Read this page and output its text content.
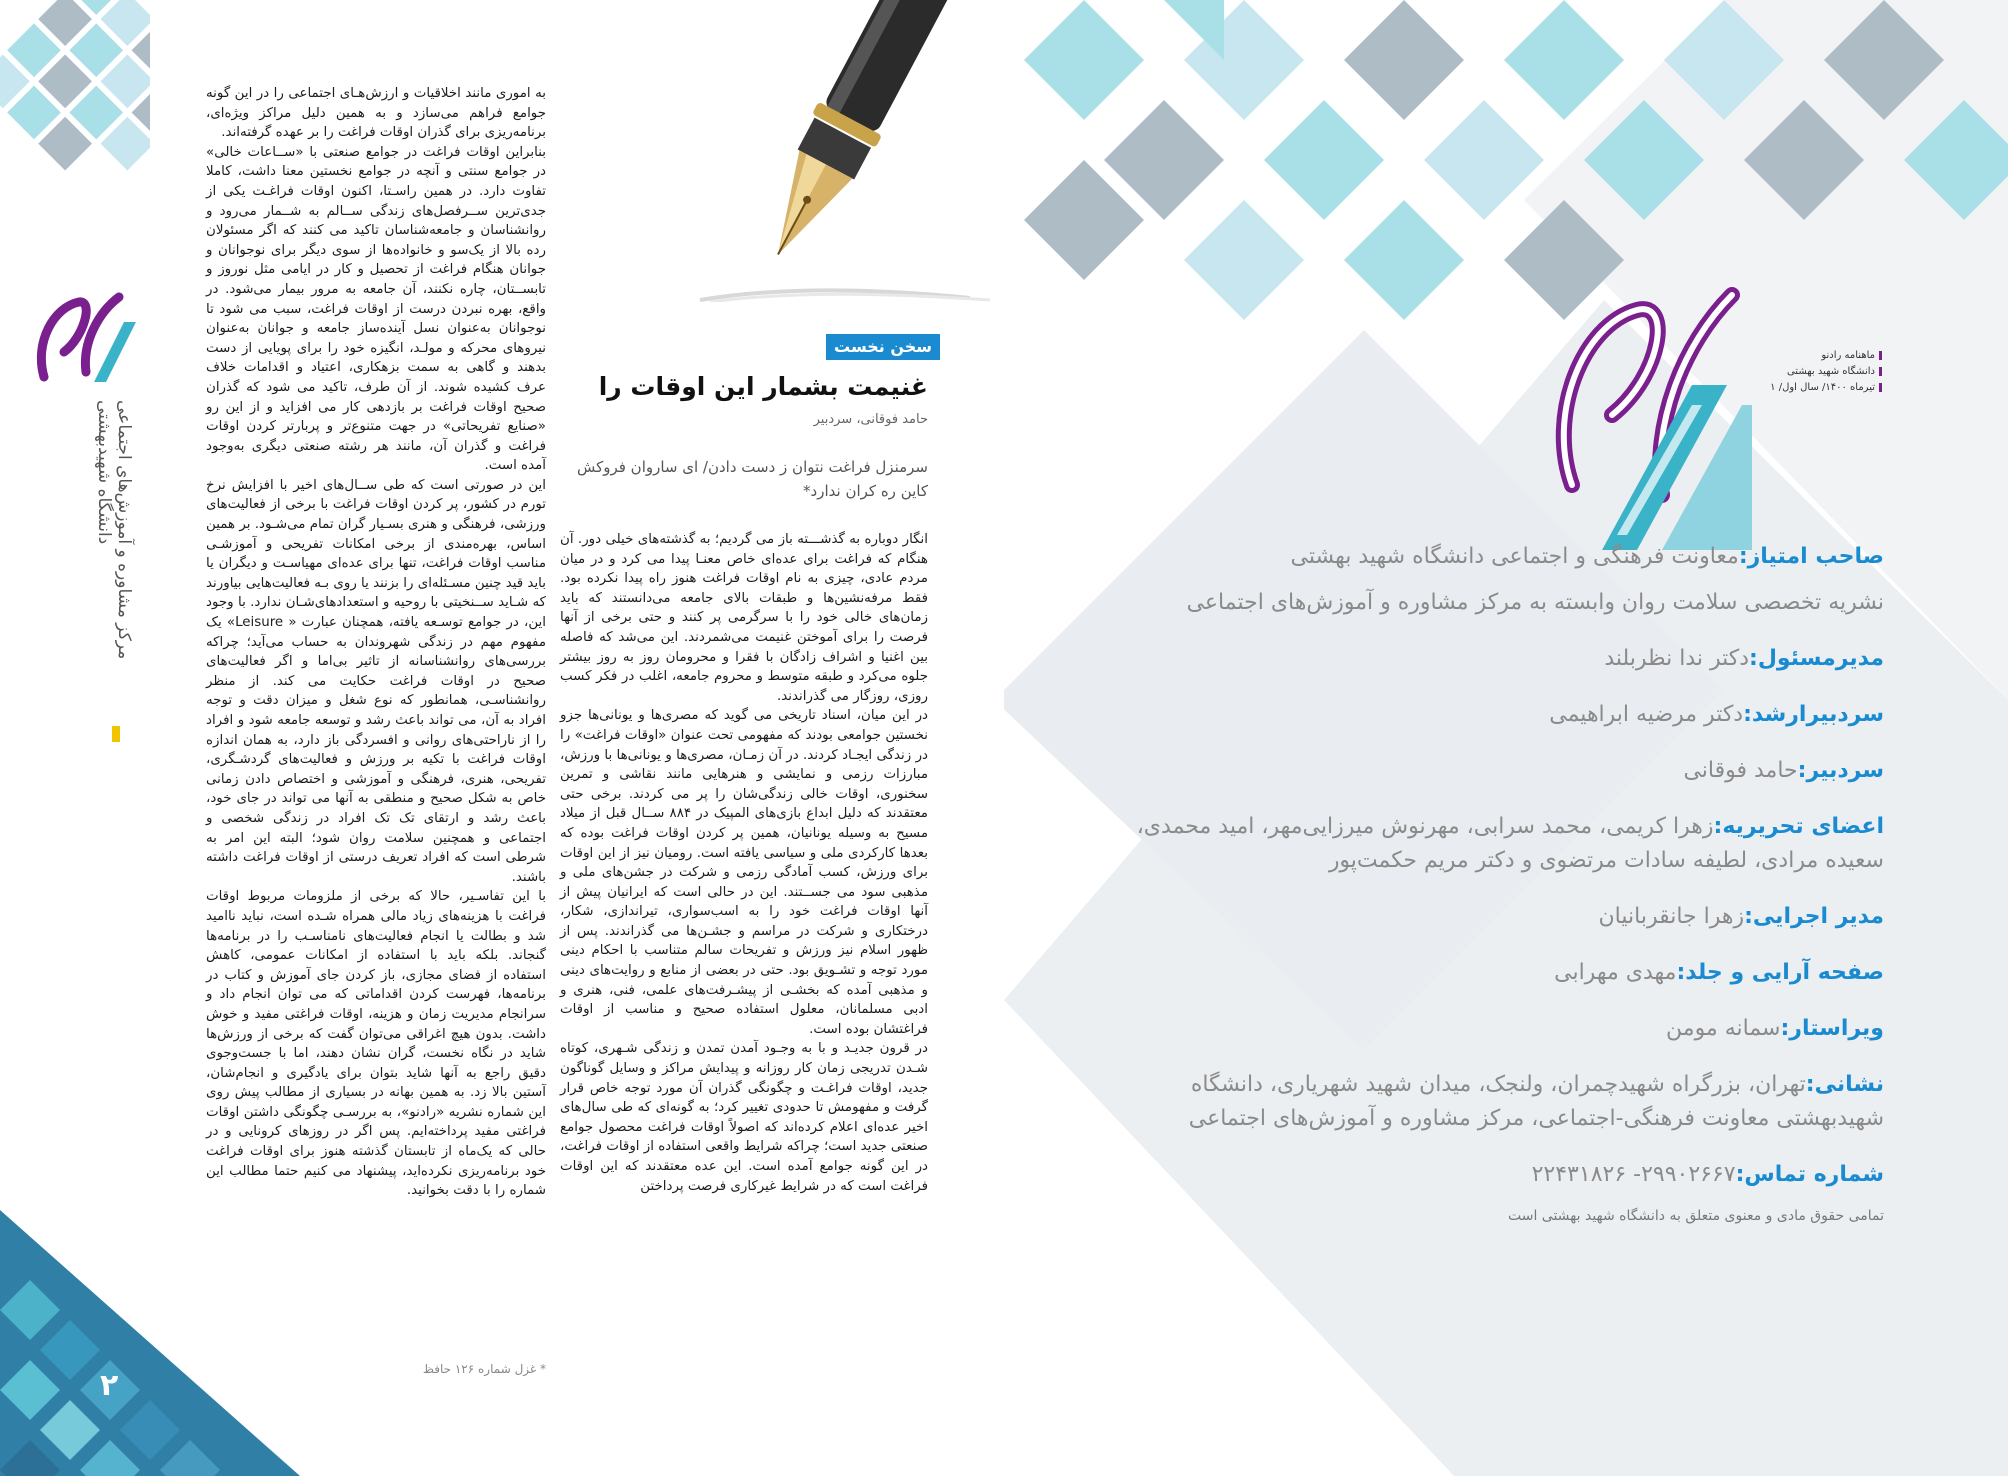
مرکز مشاوره و آموزش‌های اجتماعی دانشگاه شهیدبهشتی
۲
سخن نخست
غنیمت بشمار این اوقات را
حامد فوقانی، سردبیر
سرمنزل فراغت نتوان ز دست دادن/ ای ساروان فروکش کاین ره کران ندارد*

انگار دوباره به گذشـــته باز می گردیم؛ به گذشته‌های خیلی دور. آن هنگام که فراغت برای عده‌ای خاص معنـا پیدا می کرد و در میان مردم عادی، چیزی به نام اوقات فراغت هنوز راه پیدا نکرده بود. فقط مرفه‌نشین‌ها و طبقات بالای جامعه می‌دانستند که باید زمان‌های خالی خود را با سرگرمی پر کنند و حتی برخی از آنها فرصت را برای آموختن غنیمت می‌شمردند. این می‌شد که فاصله بین اغنیا و اشراف زادگان با فقرا و محرومان روز به روز بیشتر جلوه می‌کرد و طبقه متوسط و محروم جامعه، اغلب در فکر کسب روزی، روزگار می گذراندند.

در این میان، اسناد تاریخی می گوید که مصری‌ها و یونانی‌ها جزو نخستین جوامعی بودند که مفهومی تحت عنوان «اوقات فراغت» را در زندگی ایجـاد کردند. در آن زمـان، مصری‌ها و یونانی‌ها با ورزش، مبارزات رزمی و نمایشی و هنرهایی مانند نقاشی و تمرین سخنوری، اوقات خالی زندگی‌شان را پر می کردند. برخی حتی معتقدند که دلیل ابداع بازی‌های المپیک در ۸۸۴ ســال قبل از میلاد مسیح به وسیله یونانیان، همین پر کردن اوقات فراغت بوده که بعدها کارکردی ملی و سیاسی یافته است. رومیان نیز از این اوقات برای ورزش، کسب آمادگی رزمی و شرکت در جشن‌های ملی و مذهبی سود می جســتند. این در حالی است که ایرانیان پیش از آنها اوقات فراغت خود را به اسب‌سواری، تیراندازی، شکار، درختکاری و شرکت در مراسم و جشـن‌ها می گذراندند. پس از ظهور اسلام نیز ورزش و تفریحات سالم متناسب با احکام دینی مورد توجه و تشـویق بود. حتی در بعضی از منابع و روایت‌های دینی و مذهبی آمده که بخشـی از پیشـرفت‌های علمی، فنی، هنری و ادبی مسلمانان، معلول استفاده صحیح و مناسب از اوقات فراغتشان بوده است.

در قرون جدیـد و با به وجـود آمدن تمدن و زندگی شـهری، کوتاه شـدن تدریجی زمان کار روزانه و پیدایش مراکز و وسایل گوناگون جدید، اوقات فراغـت و چگونگی گذران آن مورد توجه خاص قرار گرفت و مفهومش تا حدودی تغییر کرد؛ به گونه‌ای که طی سال‌های اخیر عده‌ای اعلام کرده‌اند که اصولاً اوقات فراغت محصول جوامع صنعتی جدید است؛ چراکه شرایط واقعی استفاده از اوقات فراغت، در این گونه جوامع آمده است. این عده معتقدند که این اوقات فراغت است که در شرایط غیرکاری فرصت پرداختن

به اموری مانند اخلاقیات و ارزش‌هـای اجتماعی را در این گونه جوامع فراهم می‌سازد و به همین دلیل مراکز ویژه‌ای، برنامه‌ریزی برای گذران اوقات فراغت را بر عهده گرفته‌اند.

بنابراین اوقات فراغت در جوامع صنعتی با «ســاعات خالی» در جوامع سنتی و آنچه در جوامع نخستین معنا داشت، کاملا تفاوت دارد. در همین راسـتا، اکنون اوقات فراغـت یکی از جدی‌ترین ســرفصل‌های زندگی ســالم به شــمار می‌رود و روانشناسان و جامعه‌شناسان تاکید می کنند که اگر مسئولان رده بالا از یک‌سو و خانواده‌ها از سوی دیگر برای نوجوانان و جوانان هنگام فراغت از تحصیل و کار در ایامی مثل نوروز و تابســتان، چاره نکنند، آن جامعه به مرور بیمار می‌شود. در واقع، بهره نبردن درست از اوقات فراغت، سبب می شود تا نوجوانان به‌عنوان نسل آینده‌ساز جامعه و جوانان به‌عنوان نیروهای محرکه و مولـد، انگیزه خود را برای پویایی از دست بدهند و گاهی به سمت بزهکاری، اعتیاد و اقدامات خلاف عرف کشیده شوند. از آن طرف، تاکید می شود که گذران صحیح اوقات فراغت بر بازدهی کار می افزاید و از این رو «صنایع تفریحاتی» در جهت متنوع‌تر و پربارتر کردن اوقات فراغت و گذران آن، مانند هر رشته صنعتی دیگری به‌وجود آمده است.

این در صورتی است که طی ســال‌های اخیر با افزایش نرخ تورم در کشور، پر کردن اوقات فراغت با برخی از فعالیت‌های ورزشی، فرهنگی و هنری بسـیار گران تمام می‌شـود. بر همین اساس، بهره‌مندی از برخی امکانات تفریحی و آموزشـی مناسب اوقات فراغت، تنها برای عده‌ای مهیاسـت و دیگران یا باید قید چنین مسـئله‌ای را بزنند یا روی بـه فعالیت‌هایی بیاورند که شـاید ســنخیتی با روحیه و استعدادهای‌شـان ندارد. با وجود این، در جوامع توسـعه یافته، همچنان عبارت « Leisure» یک مفهوم مهم در زندگی شهروندان به حساب می‌آید؛ چراکه بررسی‌های روانشناسانه از تاثیر بی‌اما و اگر فعالیت‌های صحیح در اوقات فراغت حکایت می کند. از منظر روانشناسـی، همانطور که نوع شغل و میزان دقت و توجه افراد به آن، می تواند باعث رشد و توسعه جامعه شود و افراد را از ناراحتی‌های روانی و افسردگی باز دارد، به همان اندازه اوقات فراغت با تکیه بر ورزش و فعالیت‌های گردشـگری، تفریحی، هنری، فرهنگی و آموزشی و اختصاص دادن زمانی خاص به شکل صحیح و منطقی به آنها می تواند در جای خود، باعث رشد و ارتقای تک تک افراد در زندگی شخصی و اجتماعی و همچنین سلامت روان شود؛ البته این امر به شرطی است که افراد تعریف درستی از اوقات فراغت داشته باشند.

با این تفاسـیر، حالا که برخی از ملزومات مربوط اوقات فراغت با هزینه‌های زیاد مالی همراه شـده است، نباید ناامید شد و بطالت یا انجام فعالیت‌های نامناسـب را در برنامه‌ها گنجاند. بلکه باید با استفاده از امکانات عمومی، کاهش استفاده از فضای مجازی، باز کردن جای آموزش و کتاب در برنامه‌ها، فهرست کردن اقداماتی که می توان انجام داد و سرانجام مدیریت زمان و هزینه، اوقات فراغتی مفید و خوش داشت. بدون هیچ اغراقی می‌توان گفت که برخی از ورزش‌ها شاید در نگاه نخست، گران نشان دهند، اما با جست‌وجوی دقیق راجع به آنها شاید بتوان برای یادگیری و انجام‌شان، آستین بالا زد. به همین بهانه در بسیاری از مطالب پیش روی این شماره نشریه «رادنو»، به بررسـی چگونگی داشتن اوقات فراغتی مفید پرداخته‌ایم. پس اگر در روزهای کرونایی و در حالی که یک‌ماه از تابستان گذشته هنوز برای اوقات فراغت خود برنامه‌ریزی نکرده‌اید، پیشنهاد می کنیم حتما مطالب این شماره را با دقت بخوانید.

* غزل شماره ۱۲۶ حافظ
ماهنامه رادنو
دانشگاه شهید بهشتی
تیرماه ۱۴۰۰/ سال اول/ ۱
صاحب امتیاز:معاونت فرهنگی و اجتماعی دانشگاه شهید بهشتی
نشریه تخصصی سلامت روان وابسته به مرکز مشاوره و آموزش‌های اجتماعی
مدیرمسئول:دکتر ندا نظربلند
سردبیرارشد:دکتر مرضیه ابراهیمی
سردبیر:حامد فوقانی
اعضای تحریریه:زهرا کریمی، محمد سرابی، مهرنوش میرزایی‌مهر، امید محمدی، سعیده مرادی، لطیفه سادات مرتضوی و دکتر مریم حکمت‌پور
مدیر اجرایی:زهرا جانقربانیان
صفحه آرایی و جلد:مهدی مهرابی
ویراستار:سمانه مومن
نشانی:تهران، بزرگراه شهیدچمران، ولنجک، میدان شهید شهریاری، دانشگاه شهیدبهشتی معاونت فرهنگی-اجتماعی، مرکز مشاوره و آموزش‌های اجتماعی
شماره تماس:۲۹۹۰۲۶۶۷- ۲۲۴۳۱۸۲۶
تمامی حقوق مادی و معنوی متعلق به دانشگاه شهید بهشتی است
